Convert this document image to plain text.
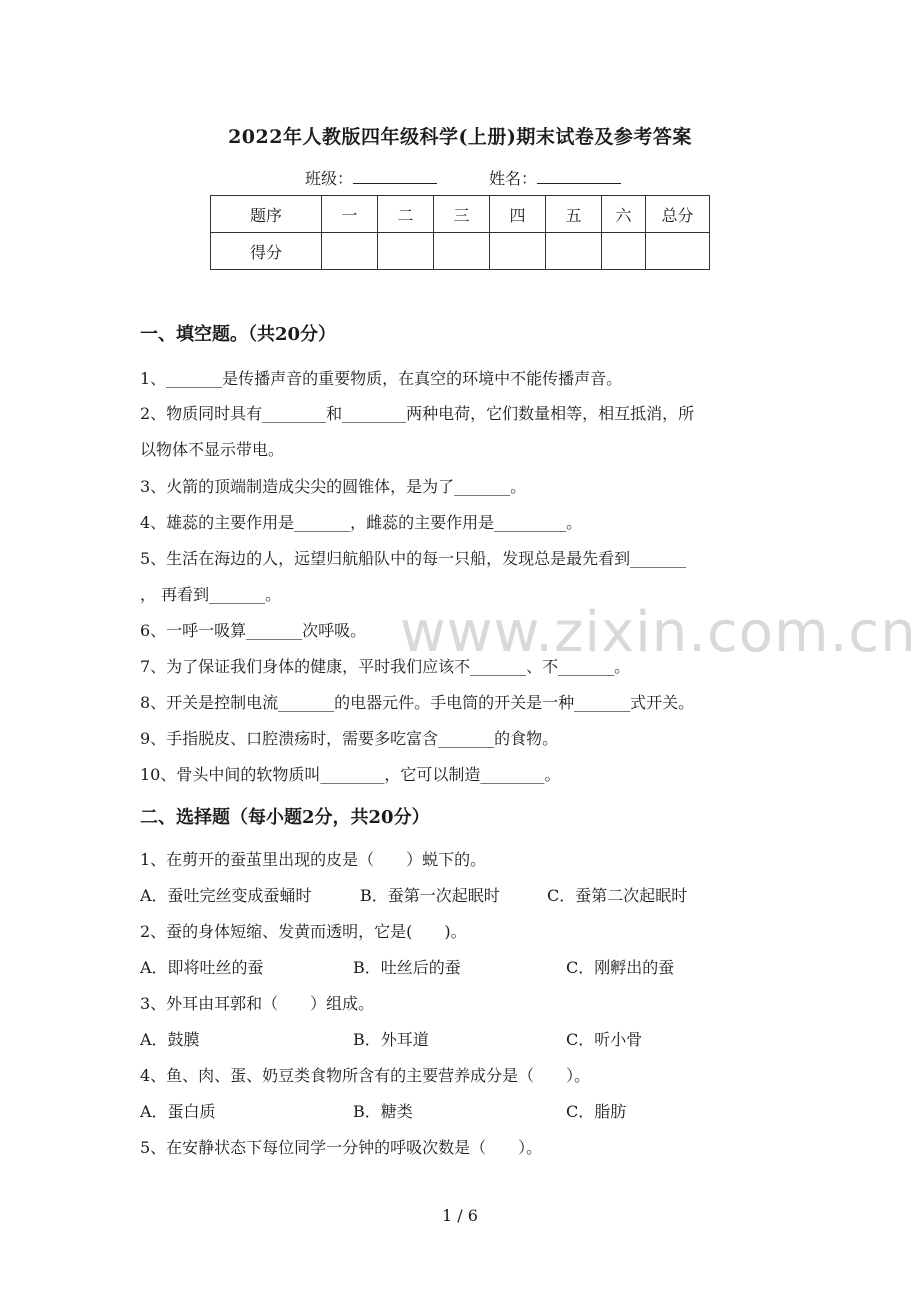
2022年人教版四年级科学(上册)期末试卷及参考答案
班级：	姓名：
题序	一	二	三	四	五	六	总分
得分							
一、填空题。（共20分）
1、_______是传播声音的重要物质，在真空的环境中不能传播声音。
2、物质同时具有________和________两种电荷，它们数量相等，相互抵消，所
以物体不显示带电。
3、火箭的顶端制造成尖尖的圆锥体，是为了_______。
4、雄蕊的主要作用是_______，雌蕊的主要作用是_________。
5、生活在海边的人，远望归航船队中的每一只船，发现总是最先看到_______
， 再看到_______。
6、一呼一吸算_______次呼吸。
7、为了保证我们身体的健康，平时我们应该不_______、不_______。
8、开关是控制电流_______的电器元件。手电筒的开关是一种_______式开关。
9、手指脱皮、口腔溃疡时，需要多吃富含_______的食物。
10、骨头中间的软物质叫________，它可以制造________。
www.zixin.com.cn
二、选择题（每小题2分，共20分）
1、在剪开的蚕茧里出现的皮是（　　）蜕下的。
A．蚕吐完丝变成蚕蛹时	B．蚕第一次起眠时	C．蚕第二次起眠时
2、蚕的身体短缩、发黄而透明，它是(　　)。
A．即将吐丝的蚕	B．吐丝后的蚕	C．刚孵出的蚕
3、外耳由耳郭和（　　）组成。
A．鼓膜	B．外耳道	C．听小骨
4、鱼、肉、蛋、奶豆类食物所含有的主要营养成分是（　　）。
A．蛋白质	B．糖类	C．脂肪
5、在安静状态下每位同学一分钟的呼吸次数是（　　）。
1 / 6
